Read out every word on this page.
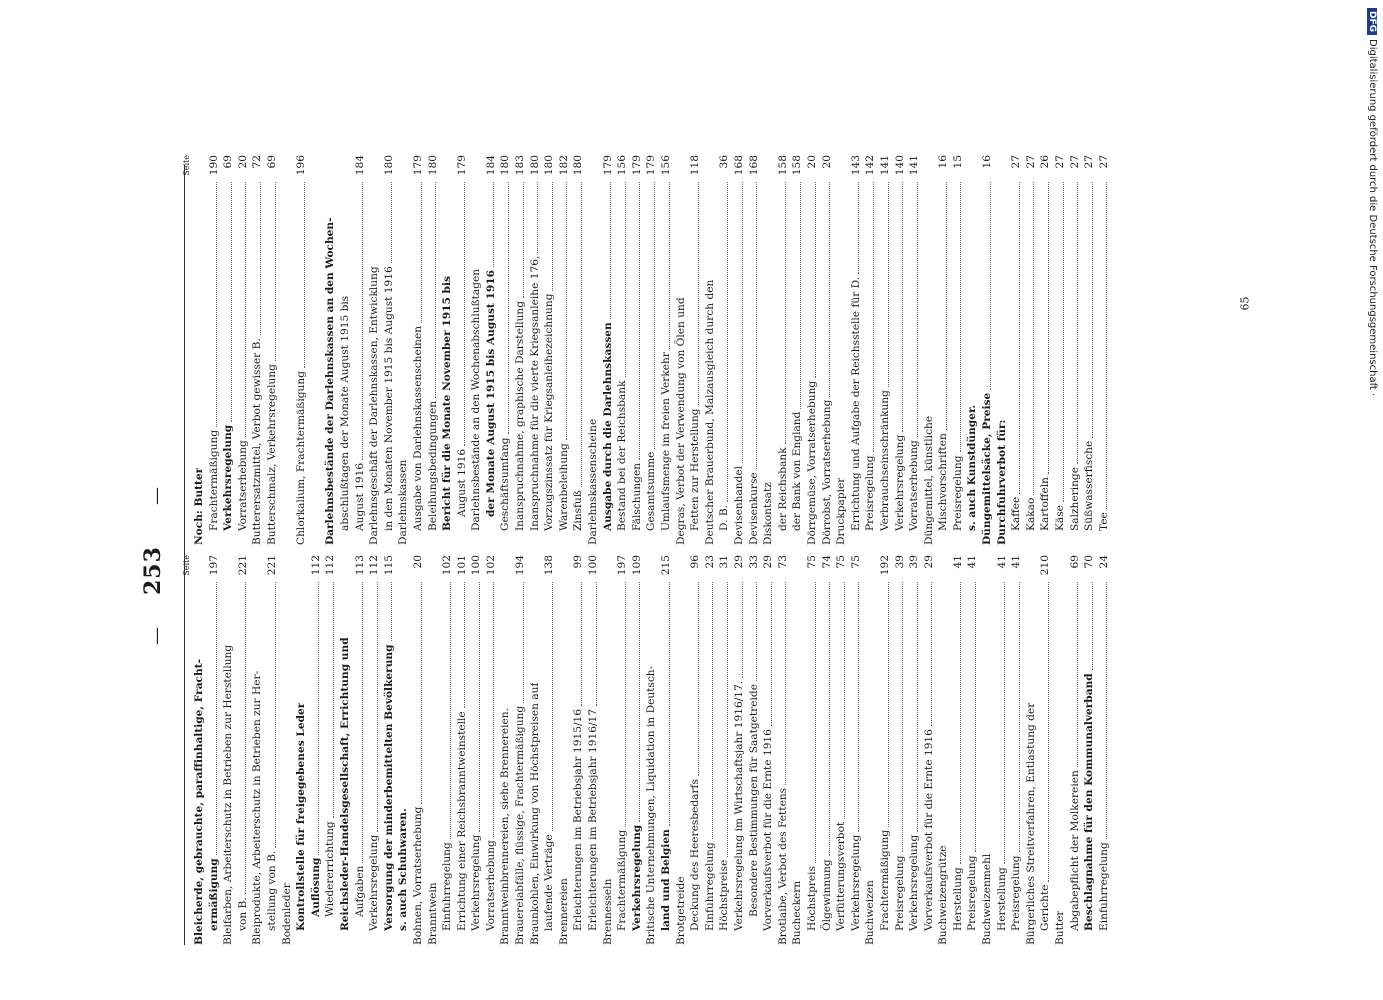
—
253
—
Seite
Bleicherde, gebrauchte, paraffinhaltige, Fracht- ermäßigung
197
Bleifarben, Arbeiterschutz in Betrieben zur Herstellung von B.
221
Bleiprodukte, Arbeiterschutz in Betrieben zur Her- stellung von B.
221
Bodenleder Kontrollstelle für freigegebenes Leder Auflösung
112
Wiedererrichtung
112
Reichsleder-Handelsgesellschaft, Errichtung und Aufgaben
113
Verkehrsregelung
112
Versorgung der minderbemittelten Bevölkerung
115
s. auch Schuhwaren. Bohnen, Vorratserhebung
20
Branntwein Einfuhrregelung
102
Errichtung einer Reichsbranntweinstelle
101
Verkehrsregelung
100
Vorratserhebung
102
Branntweinbrennereien, siehe Brennereien. Brauereiabfälle, flüssige, Frachtermäßigung
194
Braunkohlen, Einwirkung von Höchstpreisen auf laufende Verträge
138
Brennereien Erleichterungen im Betriebsjahr 1915/16
99
Erleichterungen im Betriebsjahr 1916/17
100
Brennesseln Frachtermäßigung
197
Verkehrsregelung
109
Britische Unternehmungen, Liquidation in Deutsch- land und Belgien
215
Brotgetreide Deckung des Heeresbedarfs
96
Einfuhrregelung
23
Höchstpreise
31
Verkehrsregelung im Wirtschaftsjahr 1916/17.
29
Besondere Bestimmungen für Saatgetreide
33
Vorverkaufsverbot für die Ernte 1916
29
Brotlaibe, Verbot des Fettens
73
Bucheckern Höchstpreis
75
Ölgewinnung
74
Verfütterungsverbot
75
Verkehrsregelung
75
Buchweizen Frachtermäßigung
192
Preisregelung
39
Verkehrsregelung
39
Vorverkaufsverbot für die Ernte 1916
29
Buchweizengrütze Herstellung
41
Preisregelung
41
Buchweizenmehl Herstellung
41
Preisregelung
41
Bürgerliches Streitverfahren, Entlastung der Gerichte
210
Butter Abgabepflicht der Molkereien
69
Beschlagnahme für den Kommunalverband
70
Einfuhrregelung
24
Seite
Noch: Butter Frachtermäßigung
190
Verkehrsregelung
69
Vorratserhebung
20
Butterersatzmittel, Verbot gewisser B.
72
Butterschmalz, Verkehrsregelung
69
Chlorkalium, Frachtermäßigung
196
Darlehnsbestände der Darlehnskassen an den Wochen- abschlußtagen der Monate August 1915 bis August 1916
184
Darlehnsgeschäft der Darlehnskassen, Entwicklung in den Monaten November 1915 bis August 1916
180
Darlehnskassen Ausgabe von Darlehnskassenscheinen
179
Beleihungsbedingungen
180
Bericht für die Monate November 1915 bis August 1916
179
Darlehnsbestände an den Wochenabschlußtagen der Monate August 1915 bis August 1916
184
Geschäftsumfang
180
Inanspruchnahme, graphische Darstellung
183
Inanspruchnahme für die vierte Kriegsanleihe 176,
180
Vorzugszinssatz für Kriegsanleihezeichnung
180
Warenbeleihung
182
Zinsfuß
180
Darlehnskassenscheine Ausgabe durch die Darlehnskassen
179
Bestand bei der Reichsbank
156
Fälschungen
179
Gesamtsumme
179
Umlaufsmenge im freien Verkehr
156
Degras, Verbot der Verwendung von Ölen und Fetten zur Herstellung
118
Deutscher Brauerbund, Malzausgleich durch den D. B.
36
Devisenhandel
168
Devisenkurse
168
Diskontsatz der Reichsbank
158
der Bank von England
158
Dörrgemüse, Vorratserhebung
20
Dörrobst, Vorratserhebung
20
Druckpapier Errichtung und Aufgabe der Reichsstelle für D.
143
Preisregelung
142
Verbrauchseinschränkung
141
Verkehrsregelung
140
Vorratserhebung
141
Düngemittel, künstliche Mischvorschriften
16
Preisregelung
15
s. auch Kunstdünger. Düngemittelsäcke, Preise
16
Durchfuhrverbot für: Kaffee
27
Kakao
27
Kartoffeln
26
Käse
27
Salzheringe
27
Süßwasserfische
27
Tee
27
65
DFGDigitalisierung gefördert durch die Deutsche Forschungsgemeinschaft ·
